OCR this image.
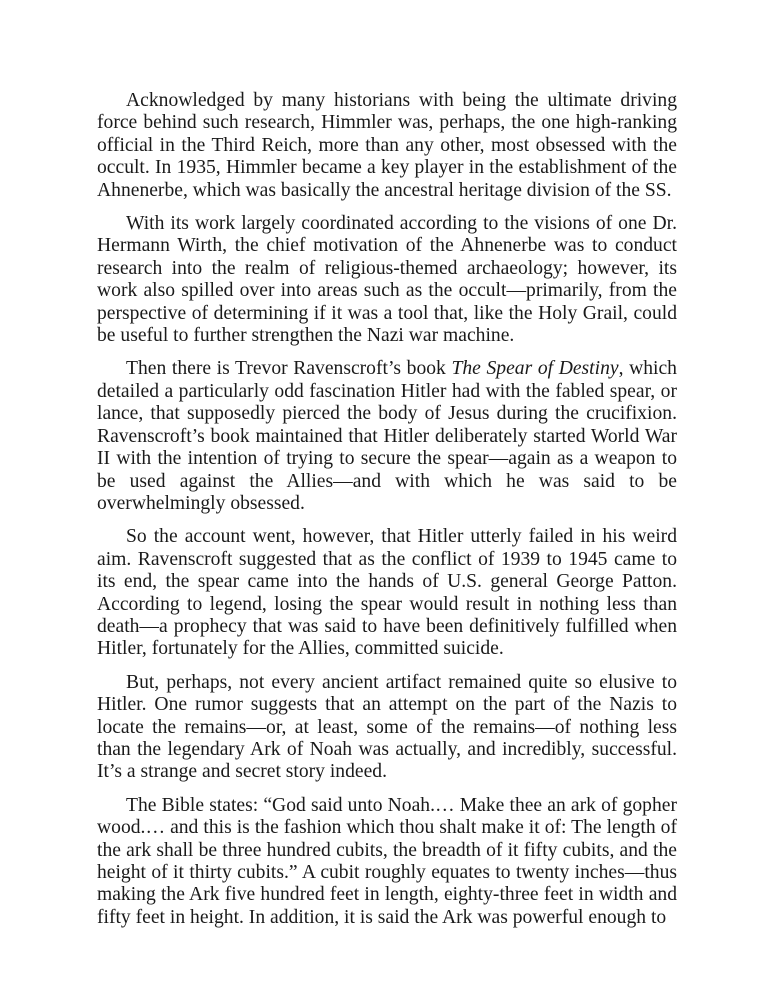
Acknowledged by many historians with being the ultimate driving force behind such research, Himmler was, perhaps, the one high-ranking official in the Third Reich, more than any other, most obsessed with the occult. In 1935, Himmler became a key player in the establishment of the Ahnenerbe, which was basically the ancestral heritage division of the SS.

With its work largely coordinated according to the visions of one Dr. Hermann Wirth, the chief motivation of the Ahnenerbe was to conduct research into the realm of religious-themed archaeology; however, its work also spilled over into areas such as the occult—primarily, from the perspective of determining if it was a tool that, like the Holy Grail, could be useful to further strengthen the Nazi war machine.

Then there is Trevor Ravenscroft’s book The Spear of Destiny, which detailed a particularly odd fascination Hitler had with the fabled spear, or lance, that supposedly pierced the body of Jesus during the crucifixion. Ravenscroft’s book maintained that Hitler deliberately started World War II with the intention of trying to secure the spear—again as a weapon to be used against the Allies—and with which he was said to be overwhelmingly obsessed.

So the account went, however, that Hitler utterly failed in his weird aim. Ravenscroft suggested that as the conflict of 1939 to 1945 came to its end, the spear came into the hands of U.S. general George Patton. According to legend, losing the spear would result in nothing less than death—a prophecy that was said to have been definitively fulfilled when Hitler, fortunately for the Allies, committed suicide.

But, perhaps, not every ancient artifact remained quite so elusive to Hitler. One rumor suggests that an attempt on the part of the Nazis to locate the remains—or, at least, some of the remains—of nothing less than the legendary Ark of Noah was actually, and incredibly, successful. It’s a strange and secret story indeed.

The Bible states: “God said unto Noah.… Make thee an ark of gopher wood.… and this is the fashion which thou shalt make it of: The length of the ark shall be three hundred cubits, the breadth of it fifty cubits, and the height of it thirty cubits.” A cubit roughly equates to twenty inches—thus making the Ark five hundred feet in length, eighty-three feet in width and fifty feet in height. In addition, it is said the Ark was powerful enough to
